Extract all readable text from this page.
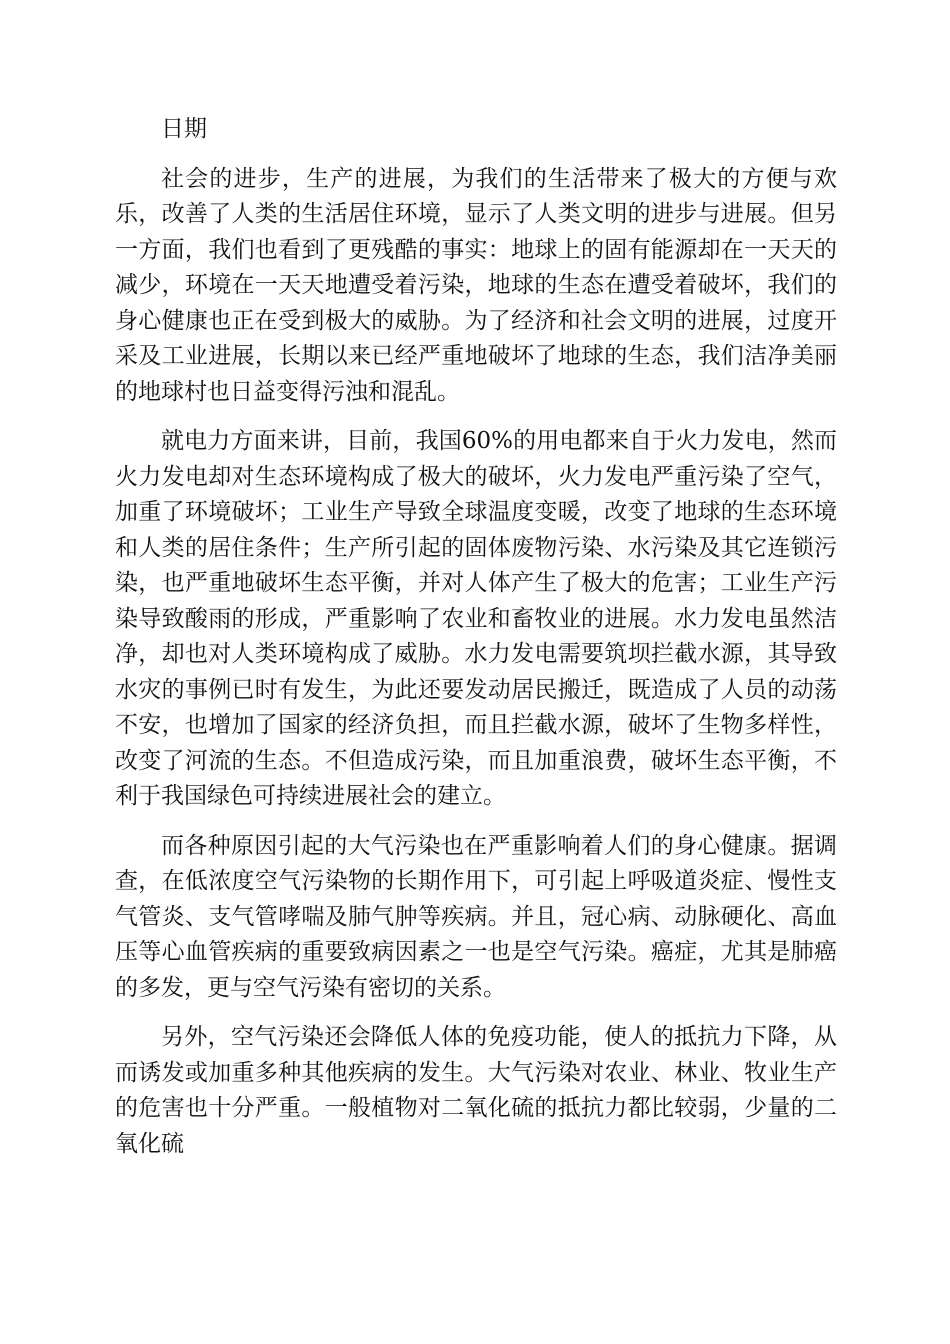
日期

社会的进步，生产的进展，为我们的生活带来了极大的方便与欢乐，改善了人类的生活居住环境，显示了人类文明的进步与进展。但另一方面，我们也看到了更残酷的事实：地球上的固有能源却在一天天的减少，环境在一天天地遭受着污染，地球的生态在遭受着破坏，我们的身心健康也正在受到极大的威胁。为了经济和社会文明的进展，过度开采及工业进展，长期以来已经严重地破坏了地球的生态，我们洁净美丽的地球村也日益变得污浊和混乱。

就电力方面来讲，目前，我国60%的用电都来自于火力发电，然而火力发电却对生态环境构成了极大的破坏，火力发电严重污染了空气，加重了环境破坏；工业生产导致全球温度变暖，改变了地球的生态环境和人类的居住条件；生产所引起的固体废物污染、水污染及其它连锁污染，也严重地破坏生态平衡，并对人体产生了极大的危害；工业生产污染导致酸雨的形成，严重影响了农业和畜牧业的进展。水力发电虽然洁净，却也对人类环境构成了威胁。水力发电需要筑坝拦截水源，其导致水灾的事例已时有发生，为此还要发动居民搬迁，既造成了人员的动荡不安，也增加了国家的经济负担，而且拦截水源，破坏了生物多样性，改变了河流的生态。不但造成污染，而且加重浪费，破坏生态平衡，不利于我国绿色可持续进展社会的建立。

而各种原因引起的大气污染也在严重影响着人们的身心健康。据调查，在低浓度空气污染物的长期作用下，可引起上呼吸道炎症、慢性支气管炎、支气管哮喘及肺气肿等疾病。并且，冠心病、动脉硬化、高血压等心血管疾病的重要致病因素之一也是空气污染。癌症，尤其是肺癌的多发，更与空气污染有密切的关系。

另外，空气污染还会降低人体的免疫功能，使人的抵抗力下降，从而诱发或加重多种其他疾病的发生。大气污染对农业、林业、牧业生产的危害也十分严重。一般植物对二氧化硫的抵抗力都比较弱，少量的二氧化硫
